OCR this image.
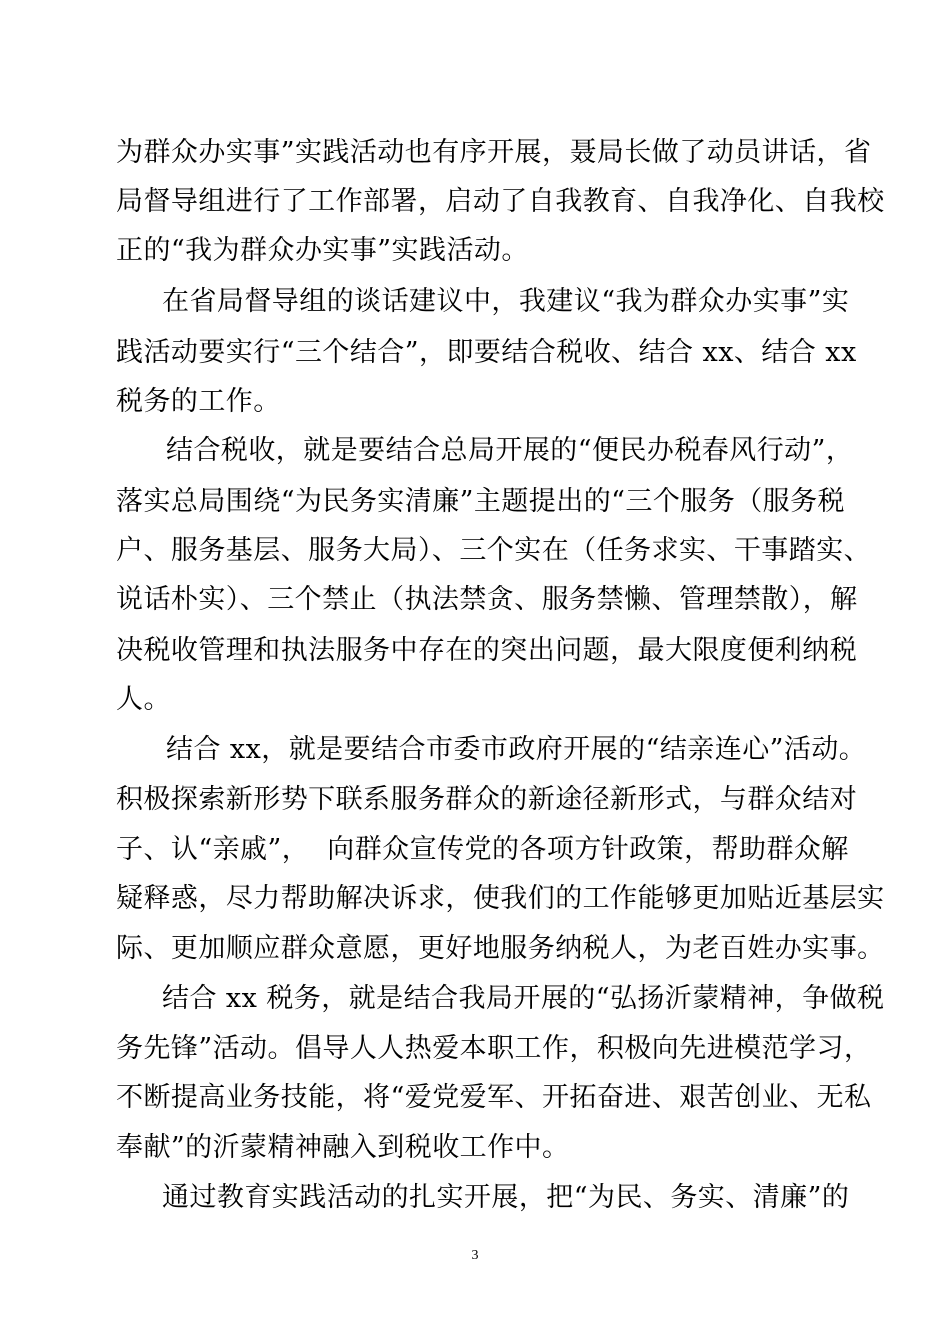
为群众办实事”实践活动也有序开展，聂局长做了动员讲话，省
局督导组进行了工作部署，启动了自我教育、自我净化、自我校
正的“我为群众办实事”实践活动。
在省局督导组的谈话建议中，我建议“我为群众办实事”实
践活动要实行“三个结合”，即要结合税收、结合 xx、结合 xx
税务的工作。
结合税收，就是要结合总局开展的“便民办税春风行动”，
落实总局围绕“为民务实清廉”主题提出的“三个服务（服务税
户、服务基层、服务大局）、三个实在（任务求实、干事踏实、
说话朴实）、三个禁止（执法禁贪、服务禁懒、管理禁散），解
决税收管理和执法服务中存在的突出问题，最大限度便利纳税
人。
结合 xx，就是要结合市委市政府开展的“结亲连心”活动。
积极探索新形势下联系服务群众的新途径新形式，与群众结对
子、认“亲戚”，  向群众宣传党的各项方针政策，帮助群众解
疑释惑，尽力帮助解决诉求，使我们的工作能够更加贴近基层实
际、更加顺应群众意愿，更好地服务纳税人，为老百姓办实事。
结合 xx 税务，就是结合我局开展的“弘扬沂蒙精神，争做税
务先锋”活动。倡导人人热爱本职工作，积极向先进模范学习，
不断提高业务技能，将“爱党爱军、开拓奋进、艰苦创业、无私
奉献”的沂蒙精神融入到税收工作中。
通过教育实践活动的扎实开展，把“为民、务实、清廉”的
3
